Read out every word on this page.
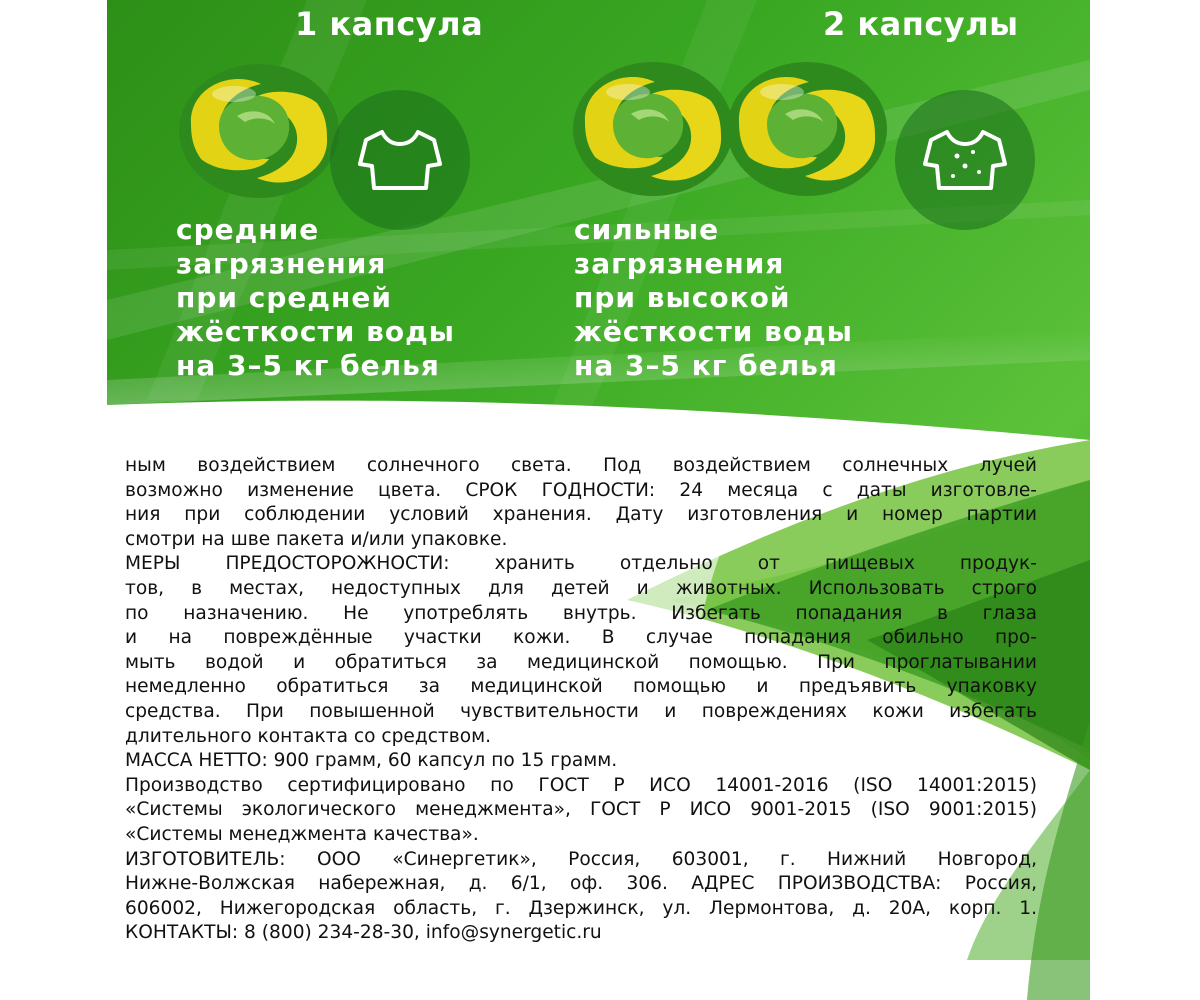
1 капсула	2 капсулы
средние
загрязнения
при средней
жёсткости воды
на 3–5 кг белья
сильные
загрязнения
при высокой
жёсткости воды
на 3–5 кг белья
ным воздействием солнечного света. Под воздействием солнечных лучей
возможно изменение цвета. СРОК ГОДНОСТИ: 24 месяца с даты изготовле-
ния при соблюдении условий хранения. Дату изготовления и номер партии
смотри на шве пакета и/или упаковке.
МЕРЫ ПРЕДОСТОРОЖНОСТИ: хранить отдельно от пищевых продук-
тов, в местах, недоступных для детей и животных. Использовать строго
по назначению. Не употреблять внутрь. Избегать попадания в глаза
и на повреждённые участки кожи. В случае попадания обильно про-
мыть водой и обратиться за медицинской помощью. При проглатывании
немедленно обратиться за медицинской помощью и предъявить упаковку
средства. При повышенной чувствительности и повреждениях кожи избегать
длительного контакта со средством.
МАССА НЕТТО: 900 грамм, 60 капсул по 15 грамм.
Производство сертифицировано по ГОСТ Р ИСО 14001-2016 (ISO 14001:2015)
«Системы экологического менеджмента», ГОСТ Р ИСО 9001-2015 (ISO 9001:2015)
«Системы менеджмента качества».
ИЗГОТОВИТЕЛЬ: ООО «Синергетик», Россия, 603001, г. Нижний Новгород,
Нижне-Волжская набережная, д. 6/1, оф. 306. АДРЕС ПРОИЗВОДСТВА: Россия,
606002, Нижегородская область, г. Дзержинск, ул. Лермонтова, д. 20А, корп. 1.
КОНТАКТЫ: 8 (800) 234-28-30, info@synergetic.ru
